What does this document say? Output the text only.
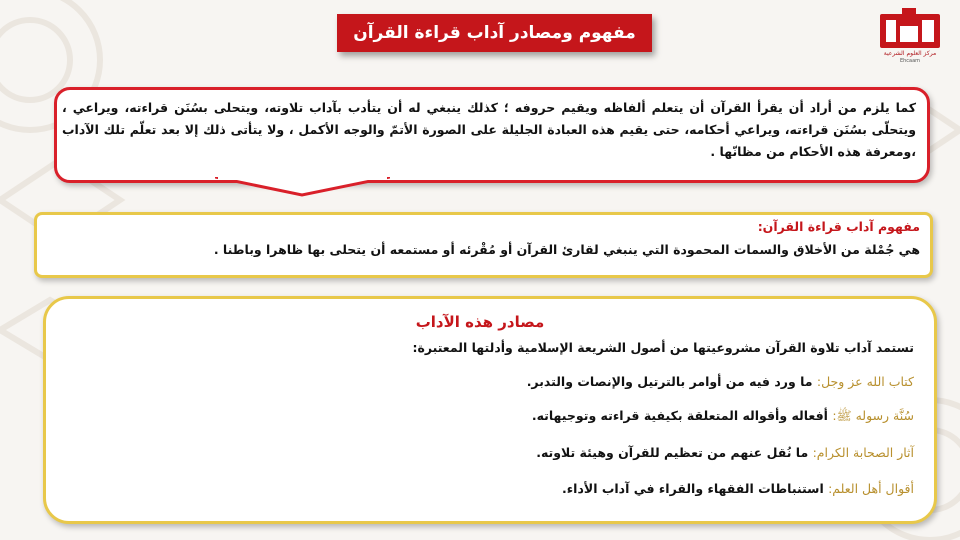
مفهوم ومصادر آداب قراءة القرآن
مركز العلوم الشرعية
Ehcaam
كما يلزم من أراد أن يقرأ القرآن أن يتعلم ألفاظه ويقيم حروفه ؛ كذلك ينبغي له أن يتأدب بآداب تلاوته، ويتحلى بسُنَن قراءته، ويراعي ، ويتحلّى بسُنَن قراءته، ويراعي أحكامه، حتى يقيم هذه العبادة الجليلة على الصورة الأتمّ والوجه الأكمل ، ولا يتأتى ذلك إلا بعد تعلّم تلك الآداب ،ومعرفة هذه الأحكام من مظانّها .
مفهوم آداب قراءة القرآن:
هي جُمْلة من الأخلاق والسمات المحمودة التي ينبغي لقارئ القرآن أو مُقْرئه أو مستمعه أن يتحلى بها ظاهرا وباطنا .
مصادر هذه الآداب
تستمد آداب تلاوة القرآن مشروعيتها من أصول الشريعة الإسلامية وأدلتها المعتبرة:
كتاب الله عز وجل: ما ورد فيه من أوامر بالترتيل والإنصات والتدبر.
سُنَّة رسوله ﷺ: أفعاله وأقواله المتعلقة بكيفية قراءته وتوجيهاته.
آثار الصحابة الكرام: ما نُقل عنهم من تعظيم للقرآن وهيئة تلاوته.
أقوال أهل العلم: استنباطات الفقهاء والقراء في آداب الأداء.
